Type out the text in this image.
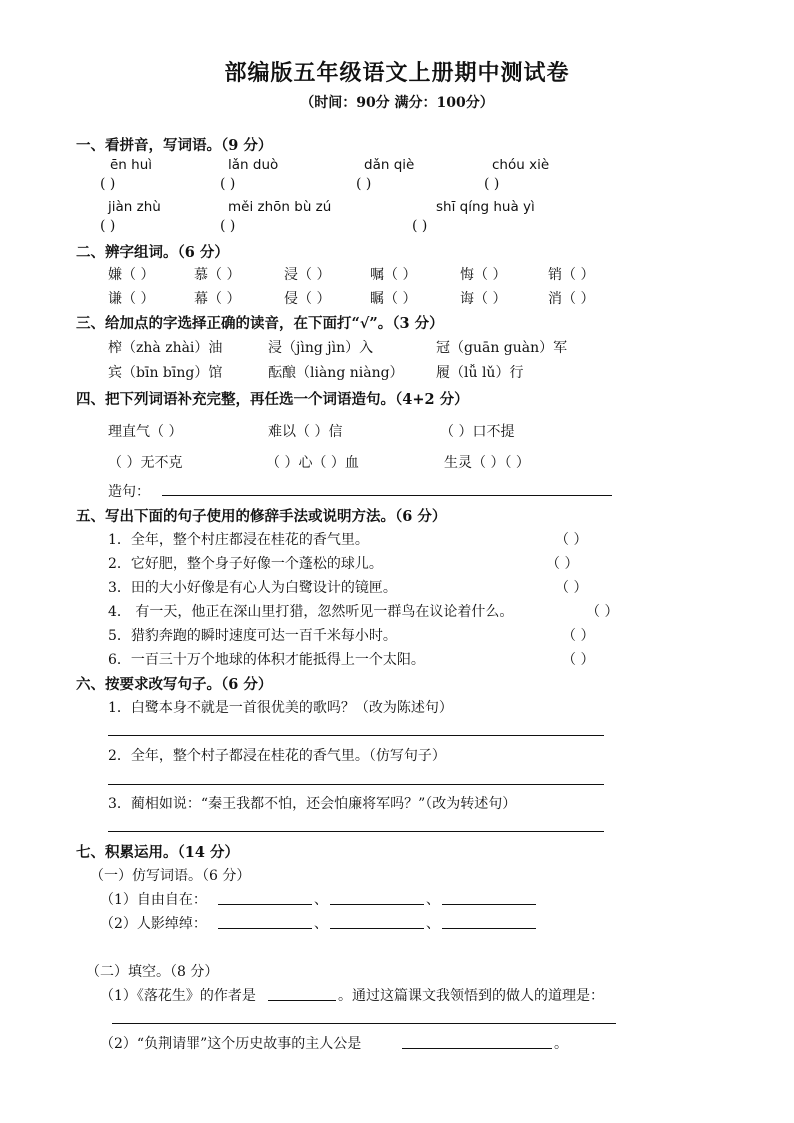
部编版五年级语文上册期中测试卷
（时间：90分 满分：100分）
一、看拼音，写词语。（9 分）
ēn huì	lǎn duò	dǎn qiè	chóu xiè
( )	( )	( )	( )
jiàn zhù	měi zhōn bù zú	shī qíng huà yì
( )	( )	( )
二、辨字组词。（6 分）
嫌（ ）	慕（ ）	浸（ ）	嘱（ ）	悔（ ）	销（ ）
谦（ ）	幕（ ）	侵（ ）	瞩（ ）	诲（ ）	消（ ）
三、给加点的字选择正确的读音，在下面打“√”。（3 分）
榨（zhà zhài）油	浸（jìng jìn）入	冠（guān guàn）军
宾（bīn bīng）馆	酝酿（liàng niàng） 履（lǚ lǔ）行
四、把下列词语补充完整，再任选一个词语造句。（4+2 分）
理直气（ ）	难以（ ）信	（ ）口不提
（ ）无不克	（ ）心（ ）血	生灵（ ）（ ）
造句：
五、写出下面的句子使用的修辞手法或说明方法。（6 分）
1．全年，整个村庄都浸在桂花的香气里。	（ ）
2．它好肥，整个身子好像一个蓬松的球儿。	（ ）
3．田的大小好像是有心人为白鹭设计的镜匣。	（ ）
4． 有一天，他正在深山里打猎，忽然听见一群鸟在议论着什么。	（ ）
5．猎豹奔跑的瞬时速度可达一百千米每小时。	（ ）
6．一百三十万个地球的体积才能抵得上一个太阳。	（ ）
六、按要求改写句子。（6 分）
1．白鹭本身不就是一首很优美的歌吗？（改为陈述句）
2．全年，整个村子都浸在桂花的香气里。（仿写句子）
3．蔺相如说：“秦王我都不怕，还会怕廉将军吗？”（改为转述句）
七、积累运用。（14 分）
（一）仿写词语。（6 分）
（1）自由自在：	、	、
（2）人影绰绰：	、	、
（二）填空。（8 分）
（1）《落花生》的作者是	。通过这篇课文我领悟到的做人的道理是：
（2）“负荆请罪”这个历史故事的主人公是	。
